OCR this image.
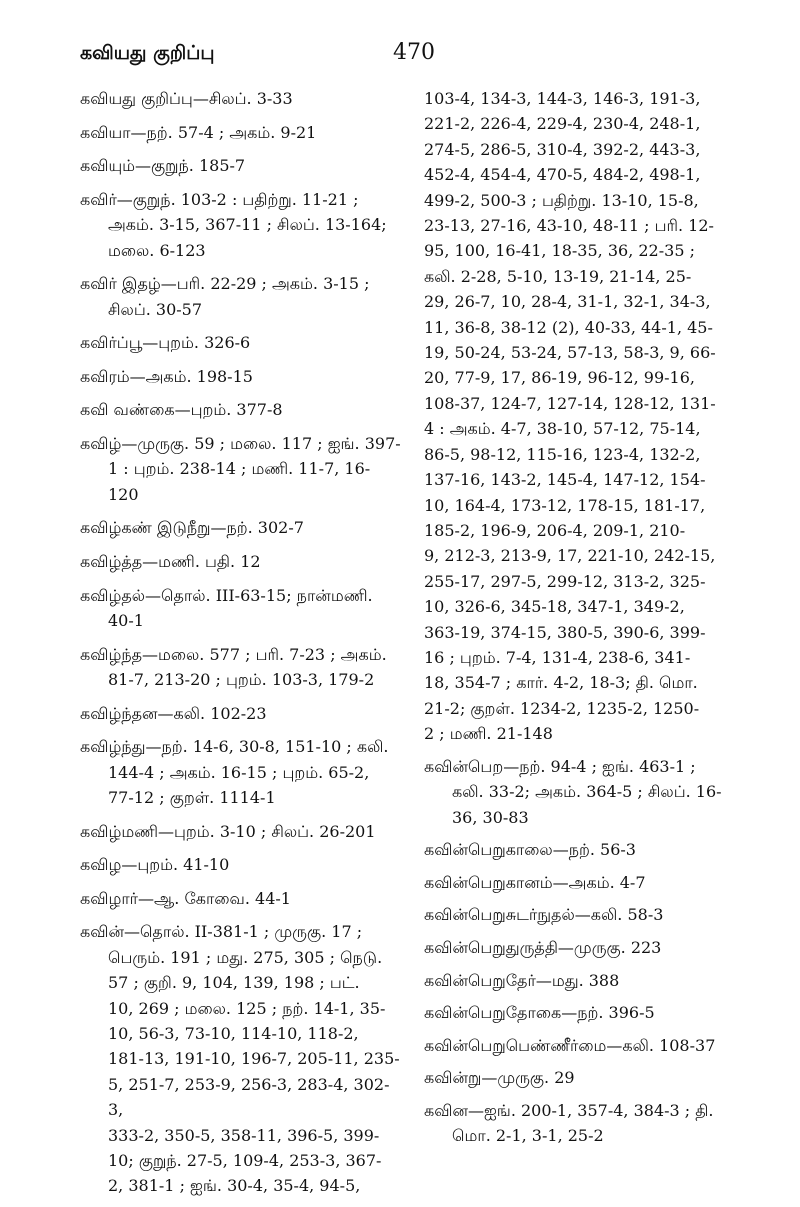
கவியது குறிப்பு	470

கவியது குறிப்பு—சிலப். 3-33

கவியா—நற். 57-4 ; அகம். 9-21

கவியும்—குறுந். 185-7

கவிர்—குறுந். 103-2 : பதிற்று. 11-21 ;
அகம். 3-15, 367-11 ; சிலப். 13-164;
மலை. 6-123

கவிர் இதழ்—பரி. 22-29 ; அகம். 3-15 ;
சிலப். 30-57

கவிர்ப்பூ—புறம். 326-6

கவிரம்—அகம். 198-15

கவி வண்கை—புறம். 377-8

கவிழ்—முருகு. 59 ; மலை. 117 ; ஐங். 397-
1 : புறம். 238-14 ; மணி. 11-7, 16-
120

கவிழ்கண் இடுநீறு—நற். 302-7

கவிழ்த்த—மணி. பதி. 12

கவிழ்தல்—தொல். III-63-15; நான்மணி.
40-1

கவிழ்ந்த—மலை. 577 ; பரி. 7-23 ; அகம்.
81-7, 213-20 ; புறம். 103-3, 179-2

கவிழ்ந்தன—கலி. 102-23

கவிழ்ந்து—நற். 14-6, 30-8, 151-10 ; கலி.
144-4 ; அகம். 16-15 ; புறம். 65-2,
77-12 ; குறள். 1114-1

கவிழ்மணி—புறம். 3-10 ; சிலப். 26-201

கவிழ—புறம். 41-10

கவிழார்—ஆ. கோவை. 44-1

கவின்—தொல். II-381-1 ; முருகு. 17 ;
பெரும். 191 ; மது. 275, 305 ; நெடு.
57 ; குறி. 9, 104, 139, 198 ; பட்.
10, 269 ; மலை. 125 ; நற். 14-1, 35-
10, 56-3, 73-10, 114-10, 118-2,
181-13, 191-10, 196-7, 205-11, 235-
5, 251-7, 253-9, 256-3, 283-4, 302-3,
333-2, 350-5, 358-11, 396-5, 399-
10; குறுந். 27-5, 109-4, 253-3, 367-
2, 381-1 ; ஐங். 30-4, 35-4, 94-5,

103-4, 134-3, 144-3, 146-3, 191-3,
221-2, 226-4, 229-4, 230-4, 248-1,
274-5, 286-5, 310-4, 392-2, 443-3,
452-4, 454-4, 470-5, 484-2, 498-1,
499-2, 500-3 ; பதிற்று. 13-10, 15-8,
23-13, 27-16, 43-10, 48-11 ; பரி. 12-
95, 100, 16-41, 18-35, 36, 22-35 ;
கலி. 2-28, 5-10, 13-19, 21-14, 25-
29, 26-7, 10, 28-4, 31-1, 32-1, 34-3,
11, 36-8, 38-12 (2), 40-33, 44-1, 45-
19, 50-24, 53-24, 57-13, 58-3, 9, 66-
20, 77-9, 17, 86-19, 96-12, 99-16,
108-37, 124-7, 127-14, 128-12, 131-
4 : அகம். 4-7, 38-10, 57-12, 75-14,
86-5, 98-12, 115-16, 123-4, 132-2,
137-16, 143-2, 145-4, 147-12, 154-
10, 164-4, 173-12, 178-15, 181-17,
185-2, 196-9, 206-4, 209-1, 210-
9, 212-3, 213-9, 17, 221-10, 242-15,
255-17, 297-5, 299-12, 313-2, 325-
10, 326-6, 345-18, 347-1, 349-2,
363-19, 374-15, 380-5, 390-6, 399-
16 ; புறம். 7-4, 131-4, 238-6, 341-
18, 354-7 ; கார். 4-2, 18-3; தி. மொ.
21-2; குறள். 1234-2, 1235-2, 1250-
2 ; மணி. 21-148

கவின்பெற—நற். 94-4 ; ஐங். 463-1 ;
கலி. 33-2; அகம். 364-5 ; சிலப். 16-
36, 30-83

கவின்பெறுகாலை—நற். 56-3

கவின்பெறுகானம்—அகம். 4-7

கவின்பெறுசுடர்நுதல்—கலி. 58-3

கவின்பெறுதுருத்தி—முருகு. 223

கவின்பெறுதேர்—மது. 388

கவின்பெறுதோகை—நற். 396-5

கவின்பெறுபெண்ணீர்மை—கலி. 108-37

கவின்று—முருகு. 29

கவின—ஐங். 200-1, 357-4, 384-3 ; தி.
மொ. 2-1, 3-1, 25-2
